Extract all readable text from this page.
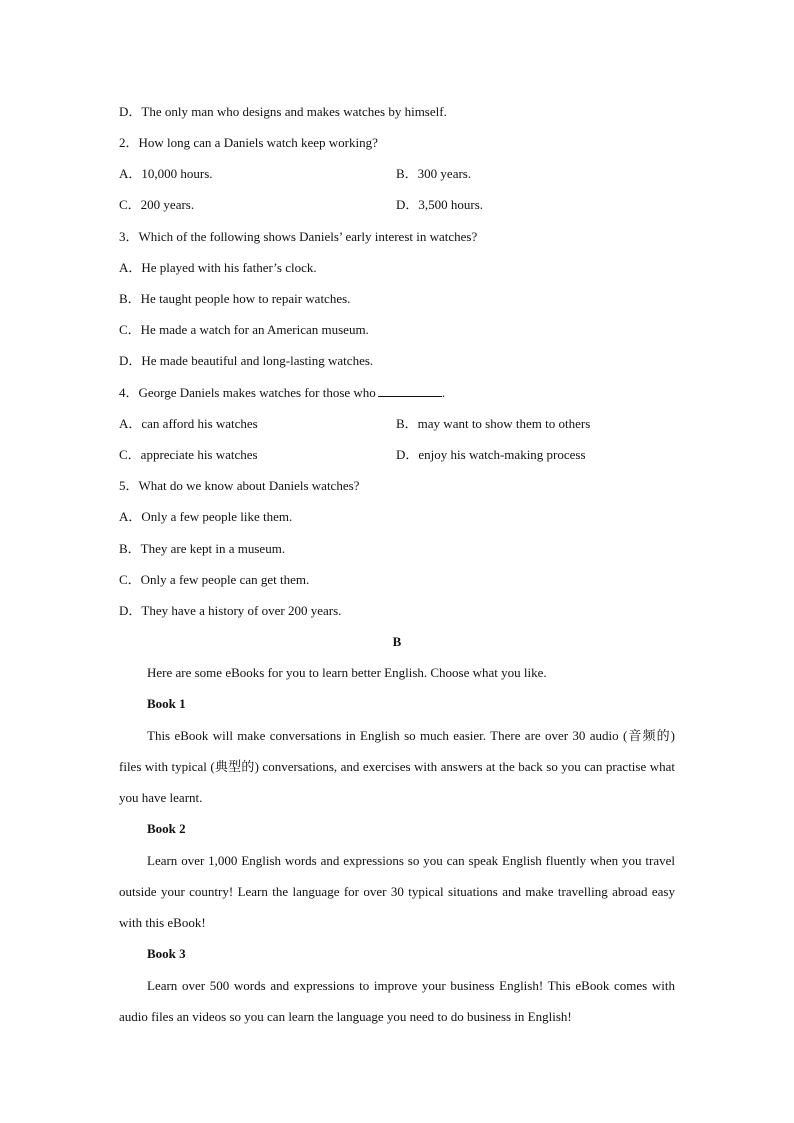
D．The only man who designs and makes watches by himself.
2．How long can a Daniels watch keep working?
A．10,000 hours.	B．300 years.
C．200 years.	D．3,500 hours.
3．Which of the following shows Daniels’ early interest in watches?
A．He played with his father’s clock.
B．He taught people how to repair watches.
C．He made a watch for an American museum.
D．He made beautiful and long-lasting watches.
4．George Daniels makes watches for those who	.
A．can afford his watches	B．may want to show them to others
C．appreciate his watches	D．enjoy his watch-making process
5．What do we know about Daniels watches?
A．Only a few people like them.
B．They are kept in a museum.
C．Only a few people can get them.
D．They have a history of over 200 years.
B
Here are some eBooks for you to learn better English. Choose what you like.
Book 1
This eBook will make conversations in English so much easier. There are over 30 audio (音频的) files with typical (典型的) conversations, and exercises with answers at the back so you can practise what you have learnt.
Book 2
Learn over 1,000 English words and expressions so you can speak English fluently when you travel outside your country! Learn the language for over 30 typical situations and make travelling abroad easy with this eBook!
Book 3
Learn over 500 words and expressions to improve your business English! This eBook comes with audio files an videos so you can learn the language you need to do business in English!
